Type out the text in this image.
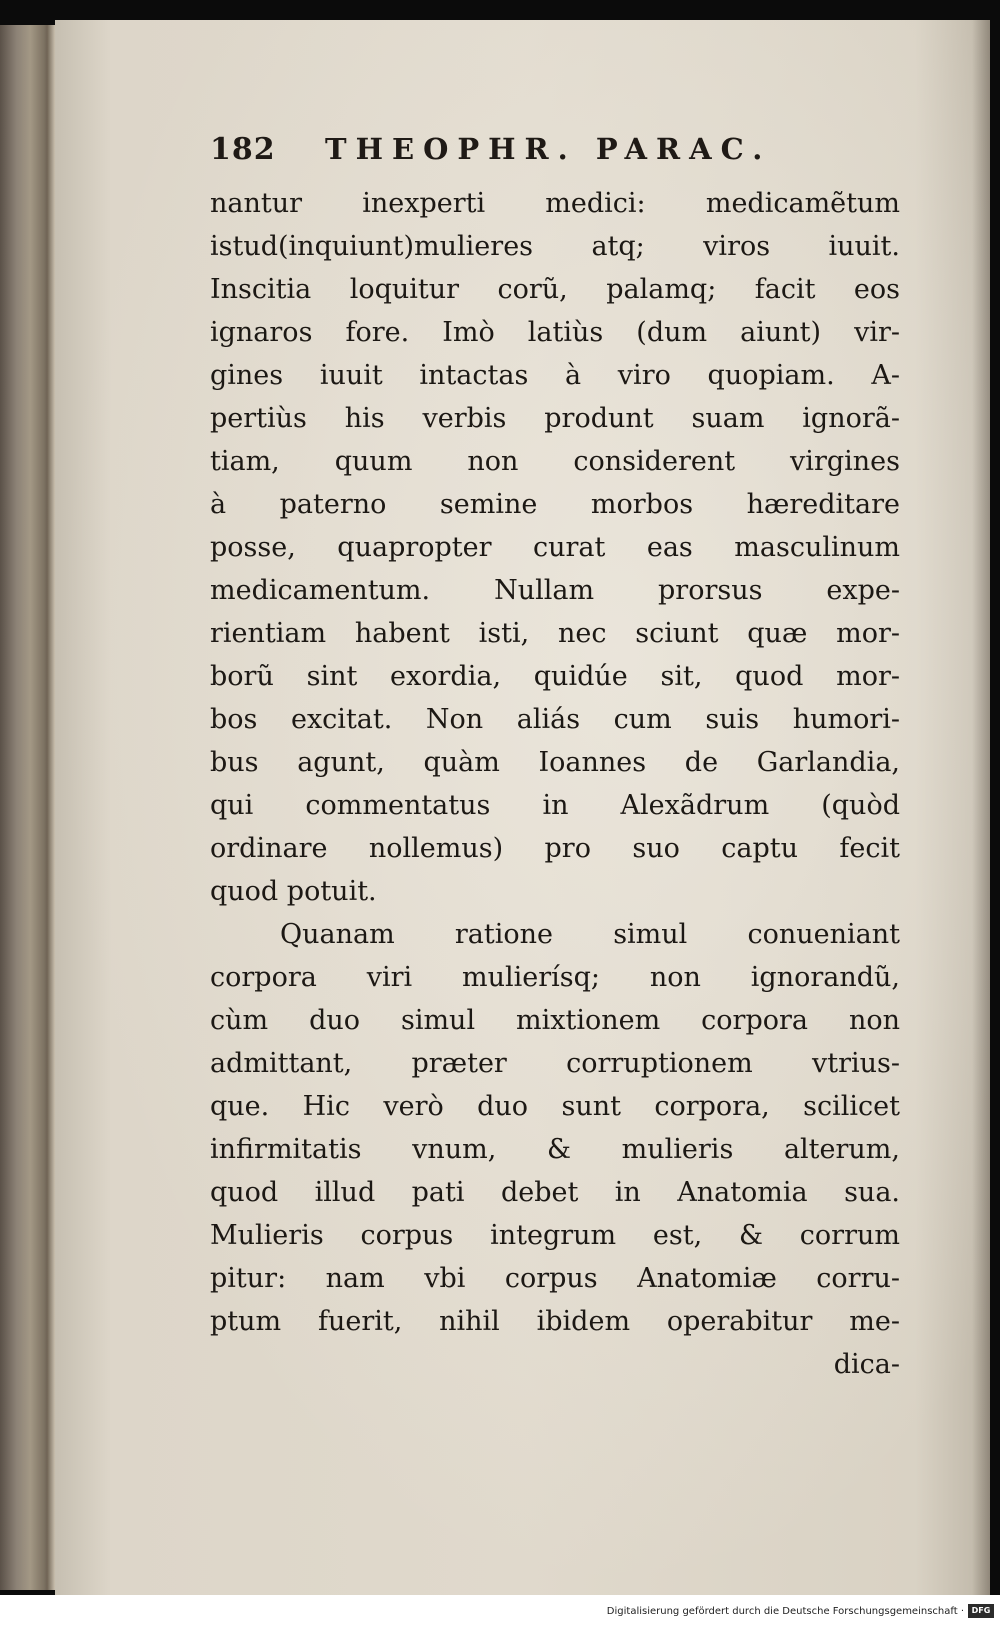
182 THEOPHR. PARAC.
nantur inexperti medici: medicamẽtum
istud(inquiunt)mulieres atq; viros iuuit.
Inscitia loquitur corũ, palamq; facit eos
ignaros fore. Imò latiùs (dum aiunt) vir-
gines iuuit intactas à viro quopiam. A-
pertiùs his verbis produnt suam ignorã-
tiam, quum non considerent virgines
à paterno semine morbos hæreditare
posse, quapropter curat eas masculinum
medicamentum. Nullam prorsus expe-
rientiam habent isti, nec sciunt quæ mor-
borũ sint exordia, quidúe sit, quod mor-
bos excitat. Non aliás cum suis humori-
bus agunt, quàm Ioannes de Garlandia,
qui commentatus in Alexãdrum (quòd
ordinare nollemus) pro suo captu fecit
quod potuit.
Quanam ratione simul conueniant
corpora viri mulierísq; non ignorandũ,
cùm duo simul mixtionem corpora non
admittant, præter corruptionem vtrius-
que. Hic verò duo sunt corpora, scilicet
infirmitatis vnum, & mulieris alterum,
quod illud pati debet in Anatomia sua.
Mulieris corpus integrum est, & corrum
pitur: nam vbi corpus Anatomiæ corru-
ptum fuerit, nihil ibidem operabitur me-
dica-
Digitalisierung gefördert durch die Deutsche Forschungsgemeinschaft · DFG
